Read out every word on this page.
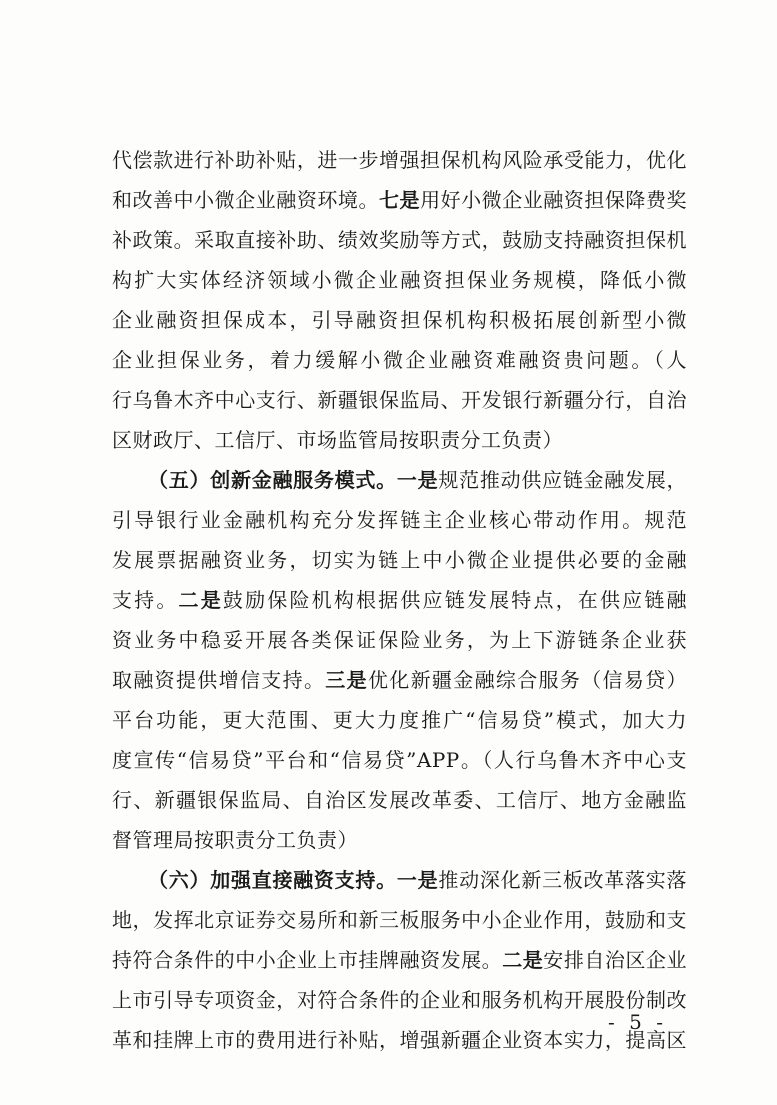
代偿款进行补助补贴，进一步增强担保机构风险承受能力，优化
和改善中小微企业融资环境。七是用好小微企业融资担保降费奖
补政策。采取直接补助、绩效奖励等方式，鼓励支持融资担保机
构扩大实体经济领域小微企业融资担保业务规模，降低小微
企业融资担保成本，引导融资担保机构积极拓展创新型小微
企业担保业务，着力缓解小微企业融资难融资贵问题。（人
行乌鲁木齐中心支行、新疆银保监局、开发银行新疆分行，自治
区财政厅、工信厅、市场监管局按职责分工负责）
（五）创新金融服务模式。一是规范推动供应链金融发展，
引导银行业金融机构充分发挥链主企业核心带动作用。规范
发展票据融资业务，切实为链上中小微企业提供必要的金融
支持。二是鼓励保险机构根据供应链发展特点，在供应链融
资业务中稳妥开展各类保证保险业务，为上下游链条企业获
取融资提供增信支持。三是优化新疆金融综合服务（信易贷）
平台功能，更大范围、更大力度推广“信易贷”模式，加大力
度宣传“信易贷”平台和“信易贷”APP。（人行乌鲁木齐中心支
行、新疆银保监局、自治区发展改革委、工信厅、地方金融监
督管理局按职责分工负责）
（六）加强直接融资支持。一是推动深化新三板改革落实落
地，发挥北京证券交易所和新三板服务中小企业作用，鼓励和支
持符合条件的中小企业上市挂牌融资发展。二是安排自治区企业
上市引导专项资金，对符合条件的企业和服务机构开展股份制改
革和挂牌上市的费用进行补贴，增强新疆企业资本实力，提高区
- 5 -
